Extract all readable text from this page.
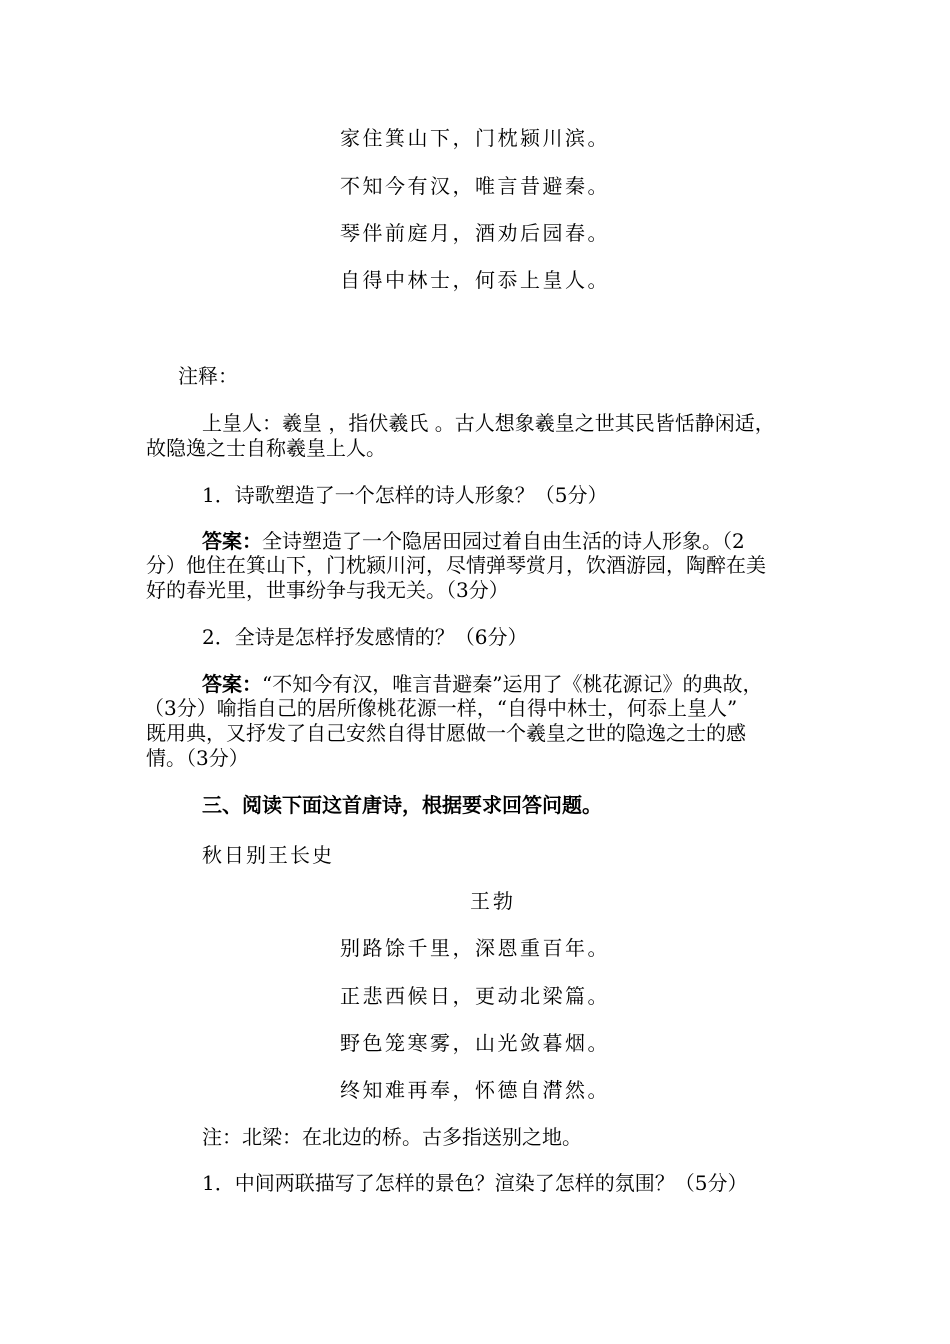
家住箕山下，门枕颍川滨。
不知今有汉，唯言昔避秦。
琴伴前庭月，酒劝后园春。
自得中林士，何忝上皇人。
注释：
上皇人：羲皇 ，指伏羲氏 。古人想象羲皇之世其民皆恬静闲适，
故隐逸之士自称羲皇上人。
1．诗歌塑造了一个怎样的诗人形象？（5分）
答案：全诗塑造了一个隐居田园过着自由生活的诗人形象。（2
分）他住在箕山下，门枕颍川河，尽情弹琴赏月，饮酒游园，陶醉在美
好的春光里，世事纷争与我无关。（3分）
2．全诗是怎样抒发感情的？（6分）
答案：“不知今有汉，唯言昔避秦”运用了《桃花源记》的典故，
（3分）喻指自己的居所像桃花源一样，“自得中林士，何忝上皇人”
既用典，又抒发了自己安然自得甘愿做一个羲皇之世的隐逸之士的感
情。（3分）
三、阅读下面这首唐诗，根据要求回答问题。
秋日别王长史
王勃
别路馀千里，深恩重百年。
正悲西候日，更动北梁篇。
野色笼寒雾，山光敛暮烟。
终知难再奉，怀德自潸然。
注：北梁：在北边的桥。古多指送别之地。
1．中间两联描写了怎样的景色？渲染了怎样的氛围？（5分）
